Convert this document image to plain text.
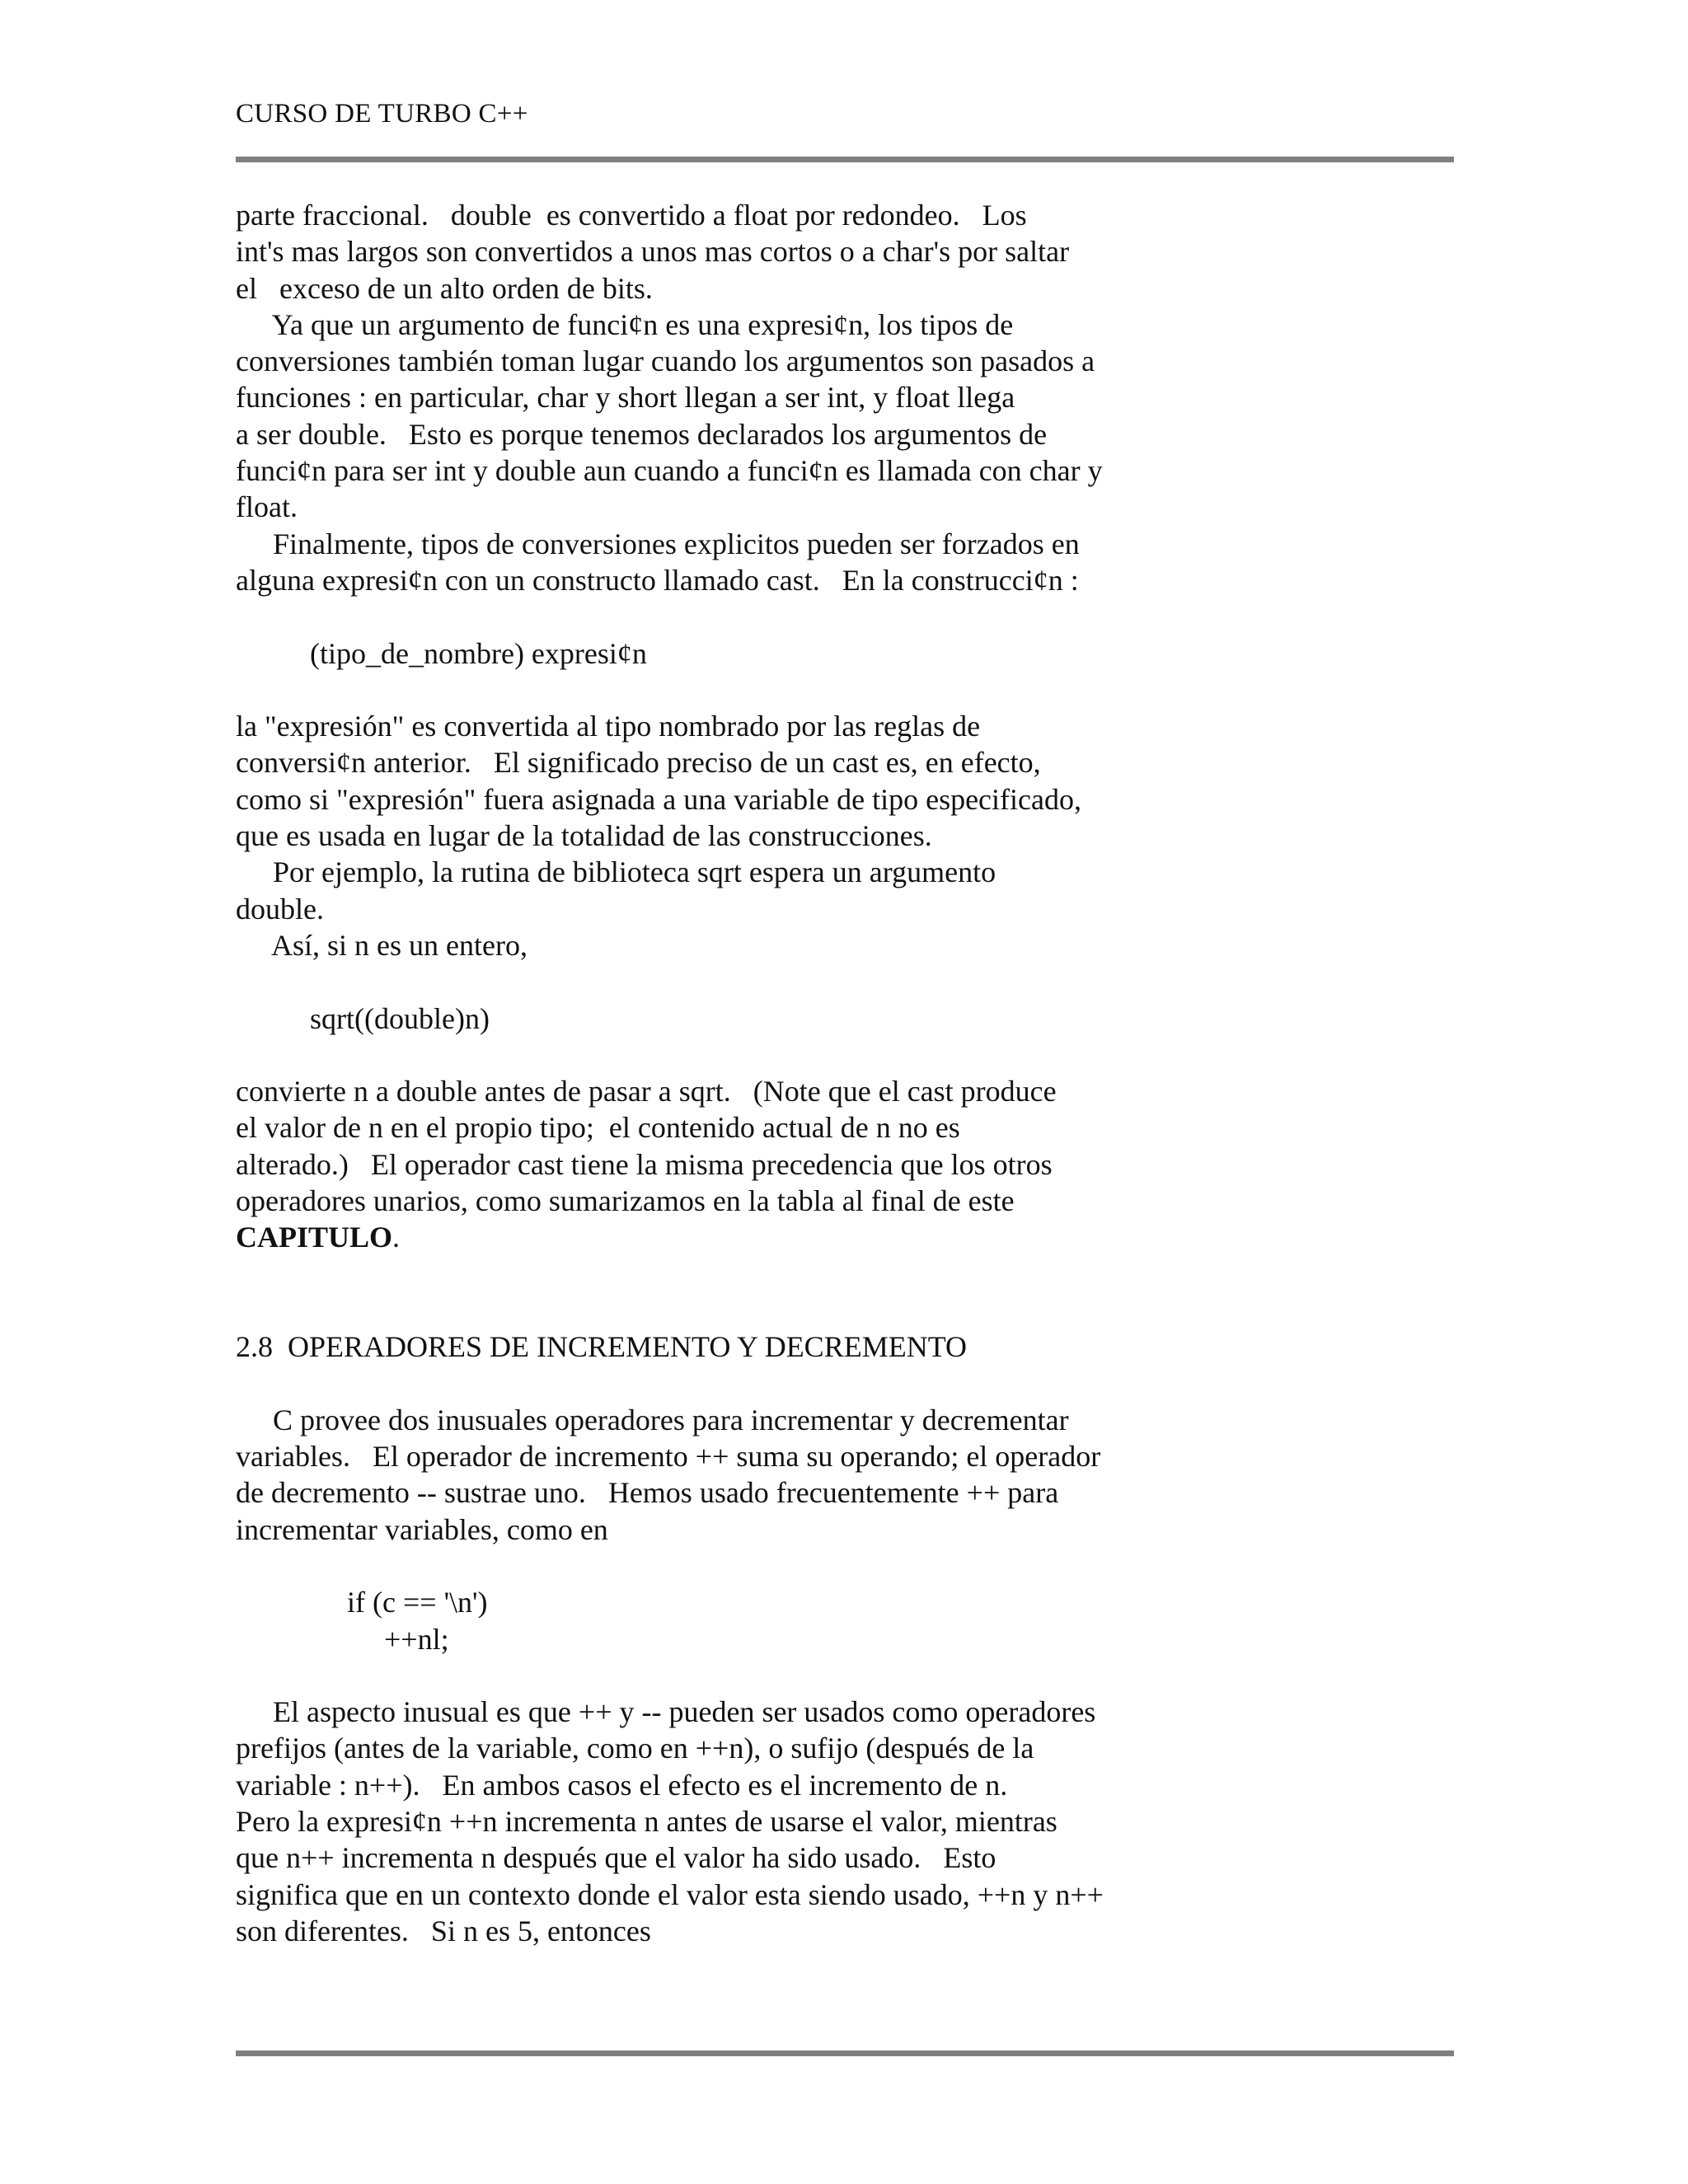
CURSO DE TURBO C++
parte fraccional.   double  es convertido a float por redondeo.   Los
int's mas largos son convertidos a unos mas cortos o a char's por saltar
el   exceso de un alto orden de bits.
Ya que un argumento de funci¢n es una expresi¢n, los tipos de
conversiones también toman lugar cuando los argumentos son pasados a
funciones : en particular, char y short llegan a ser int, y float llega
a ser double.   Esto es porque tenemos declarados los argumentos de
funci¢n para ser int y double aun cuando a funci¢n es llamada con char y
float.
Finalmente, tipos de conversiones explicitos pueden ser forzados en
alguna expresi¢n con un constructo llamado cast.   En la construcci¢n :
(tipo_de_nombre) expresi¢n
la "expresión" es convertida al tipo nombrado por las reglas de
conversi¢n anterior.   El significado preciso de un cast es, en efecto,
como si "expresión" fuera asignada a una variable de tipo especificado,
que es usada en lugar de la totalidad de las construcciones.
Por ejemplo, la rutina de biblioteca sqrt espera un argumento
double.
Así, si n es un entero,
sqrt((double)n)
convierte n a double antes de pasar a sqrt.   (Note que el cast produce
el valor de n en el propio tipo;  el contenido actual de n no es
alterado.)   El operador cast tiene la misma precedencia que los otros
operadores unarios, como sumarizamos en la tabla al final de este
CAPITULO.
2.8  OPERADORES DE INCREMENTO Y DECREMENTO
C provee dos inusuales operadores para incrementar y decrementar
variables.   El operador de incremento ++ suma su operando; el operador
de decremento -- sustrae uno.   Hemos usado frecuentemente ++ para
incrementar variables, como en
if (c == '\n')
++nl;
El aspecto inusual es que ++ y -- pueden ser usados como operadores
prefijos (antes de la variable, como en ++n), o sufijo (después de la
variable : n++).   En ambos casos el efecto es el incremento de n.
Pero la expresi¢n ++n incrementa n antes de usarse el valor, mientras
que n++ incrementa n después que el valor ha sido usado.   Esto
significa que en un contexto donde el valor esta siendo usado, ++n y n++
son diferentes.   Si n es 5, entonces
